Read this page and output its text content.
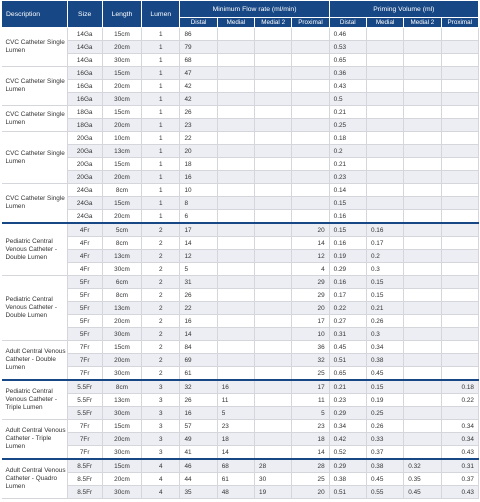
Description	Size	Length	Lumen	Minimum Flow rate (ml/min)				Priming Volume (ml)			
				Distal	Medial	Medial 2	Proximal	Distal	Medial	Medial 2	Proximal
CVC Catheter Single Lumen	14Ga	15cm	1	86				0.46			
	14Ga	20cm	1	79				0.53			
	14Ga	30cm	1	68				0.65			
CVC Catheter Single Lumen	16Ga	15cm	1	47				0.36			
	16Ga	20cm	1	42				0.43			
	16Ga	30cm	1	42				0.5			
CVC Catheter Single Lumen	18Ga	15cm	1	26				0.21			
	18Ga	20cm	1	23				0.25			
CVC Catheter Single Lumen	20Ga	10cm	1	22				0.18			
	20Ga	13cm	1	20				0.2			
	20Ga	15cm	1	18				0.21			
	20Ga	20cm	1	16				0.23			
CVC Catheter Single Lumen	24Ga	8cm	1	10				0.14			
	24Ga	15cm	1	8				0.15			
	24Ga	20cm	1	6				0.16			
Pediatric Central Venous Catheter - Double Lumen	4Fr	5cm	2	17			20	0.15	0.16		
	4Fr	8cm	2	14			14	0.16	0.17		
	4Fr	13cm	2	12			12	0.19	0.2		
	4Fr	30cm	2	5			4	0.29	0.3		
Pediatric Central Venous Catheter - Double Lumen	5Fr	6cm	2	31			29	0.16	0.15		
	5Fr	8cm	2	26			29	0.17	0.15		
	5Fr	13cm	2	22			20	0.22	0.21		
	5Fr	20cm	2	16			17	0.27	0.26		
	5Fr	30cm	2	14			10	0.31	0.3		
Adult Central Venous Catheter - Double Lumen	7Fr	15cm	2	84			36	0.45	0.34		
	7Fr	20cm	2	69			32	0.51	0.38		
	7Fr	30cm	2	61			25	0.65	0.45		
Pediatric Central Venous Catheter - Triple Lumen	5.5Fr	8cm	3	32	16		17	0.21	0.15		0.18
	5.5Fr	13cm	3	26	11		11	0.23	0.19		0.22
	5.5Fr	30cm	3	16	5		5	0.29	0.25		
Adult Central Venous Catheter - Triple Lumen	7Fr	15cm	3	57	23		23	0.34	0.26		0.34
	7Fr	20cm	3	49	18		18	0.42	0.33		0.34
	7Fr	30cm	3	41	14		14	0.52	0.37		0.43
Adult Central Venous Catheter - Quadro Lumen	8.5Fr	15cm	4	46	68	28	28	0.29	0.38	0.32	0.31
	8.5Fr	20cm	4	44	61	30	25	0.38	0.45	0.35	0.37
	8.5Fr	30cm	4	35	48	19	20	0.51	0.55	0.45	0.43
